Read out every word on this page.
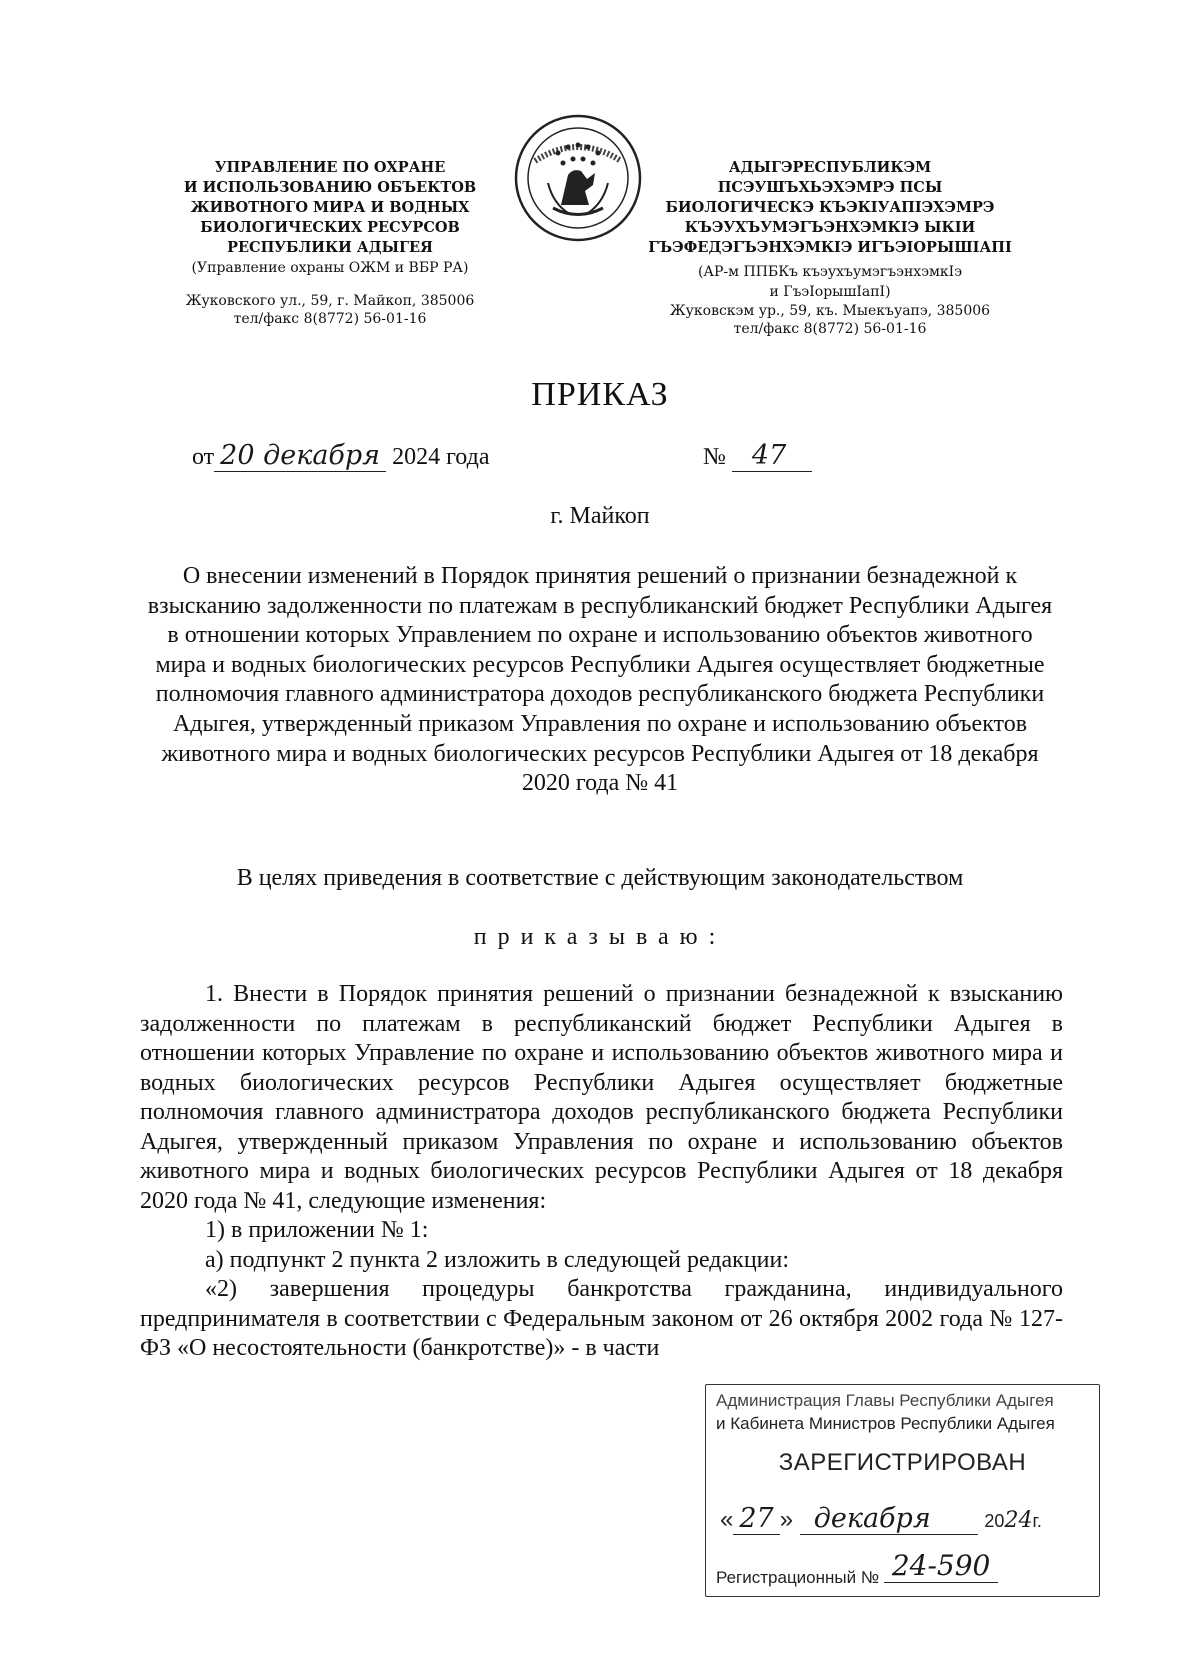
УПРАВЛЕНИЕ ПО ОХРАНЕ
И ИСПОЛЬЗОВАНИЮ ОБЪЕКТОВ
ЖИВОТНОГО МИРА И ВОДНЫХ
БИОЛОГИЧЕСКИХ РЕСУРСОВ
РЕСПУБЛИКИ АДЫГЕЯ
(Управление охраны ОЖМ и ВБР РА)
Жуковского ул., 59, г. Майкоп, 385006
тел/факс 8(8772) 56-01-16
АДЫГЭРЕСПУБЛИКЭМ
ПСЭУШЪХЬЭХЭМРЭ ПСЫ
БИОЛОГИЧЕСКЭ КЪЭКIУАПIЭХЭМРЭ
КЪЭУХЪУМЭГЪЭНХЭМКIЭ ЫКIИ
ГЪЭФЕДЭГЪЭНХЭМКIЭ ИГЪЭIОРЫШIАПI
(АР-м ППБКъ къэухъумэгъэнхэмкIэ
и ГъэIорышIапI)
Жуковскэм ур., 59, къ. Мыекъуапэ, 385006
тел/факс 8(8772) 56-01-16
ПРИКАЗ
от 20 декабря 2024 года	№ 47
г. Майкоп
О внесении изменений в Порядок принятия решений о признании безнадежной к взысканию задолженности по платежам в республиканский бюджет Республики Адыгея в отношении которых Управлением по охране и использованию объектов животного мира и водных биологических ресурсов Республики Адыгея осуществляет бюджетные полномочия главного администратора доходов республиканского бюджета Республики Адыгея, утвержденный приказом Управления по охране и использованию объектов животного мира и водных биологических ресурсов Республики Адыгея от 18 декабря 2020 года № 41
В целях приведения в соответствие с действующим законодательством
приказываю:

1. Внести в Порядок принятия решений о признании безнадежной к взысканию задолженности по платежам в республиканский бюджет Республики Адыгея в отношении которых Управление по охране и использованию объектов животного мира и водных биологических ресурсов Республики Адыгея осуществляет бюджетные полномочия главного администратора доходов республиканского бюджета Республики Адыгея, утвержденный приказом Управления по охране и использованию объектов животного мира и водных биологических ресурсов Республики Адыгея от 18 декабря 2020 года № 41, следующие изменения:

1) в приложении № 1:

а) подпункт 2 пункта 2 изложить в следующей редакции:

«2) завершения процедуры банкротства гражданина, индивидуального предпринимателя в соответствии с Федеральным законом от 26 октября 2002 года № 127-ФЗ «О несостоятельности (банкротстве)» - в части

Администрация Главы Республики Адыгея
и Кабинета Министров Республики Адыгея
ЗАРЕГИСТРИРОВАН
« 27 » декабря	2024г.
Регистрационный № 24-590
